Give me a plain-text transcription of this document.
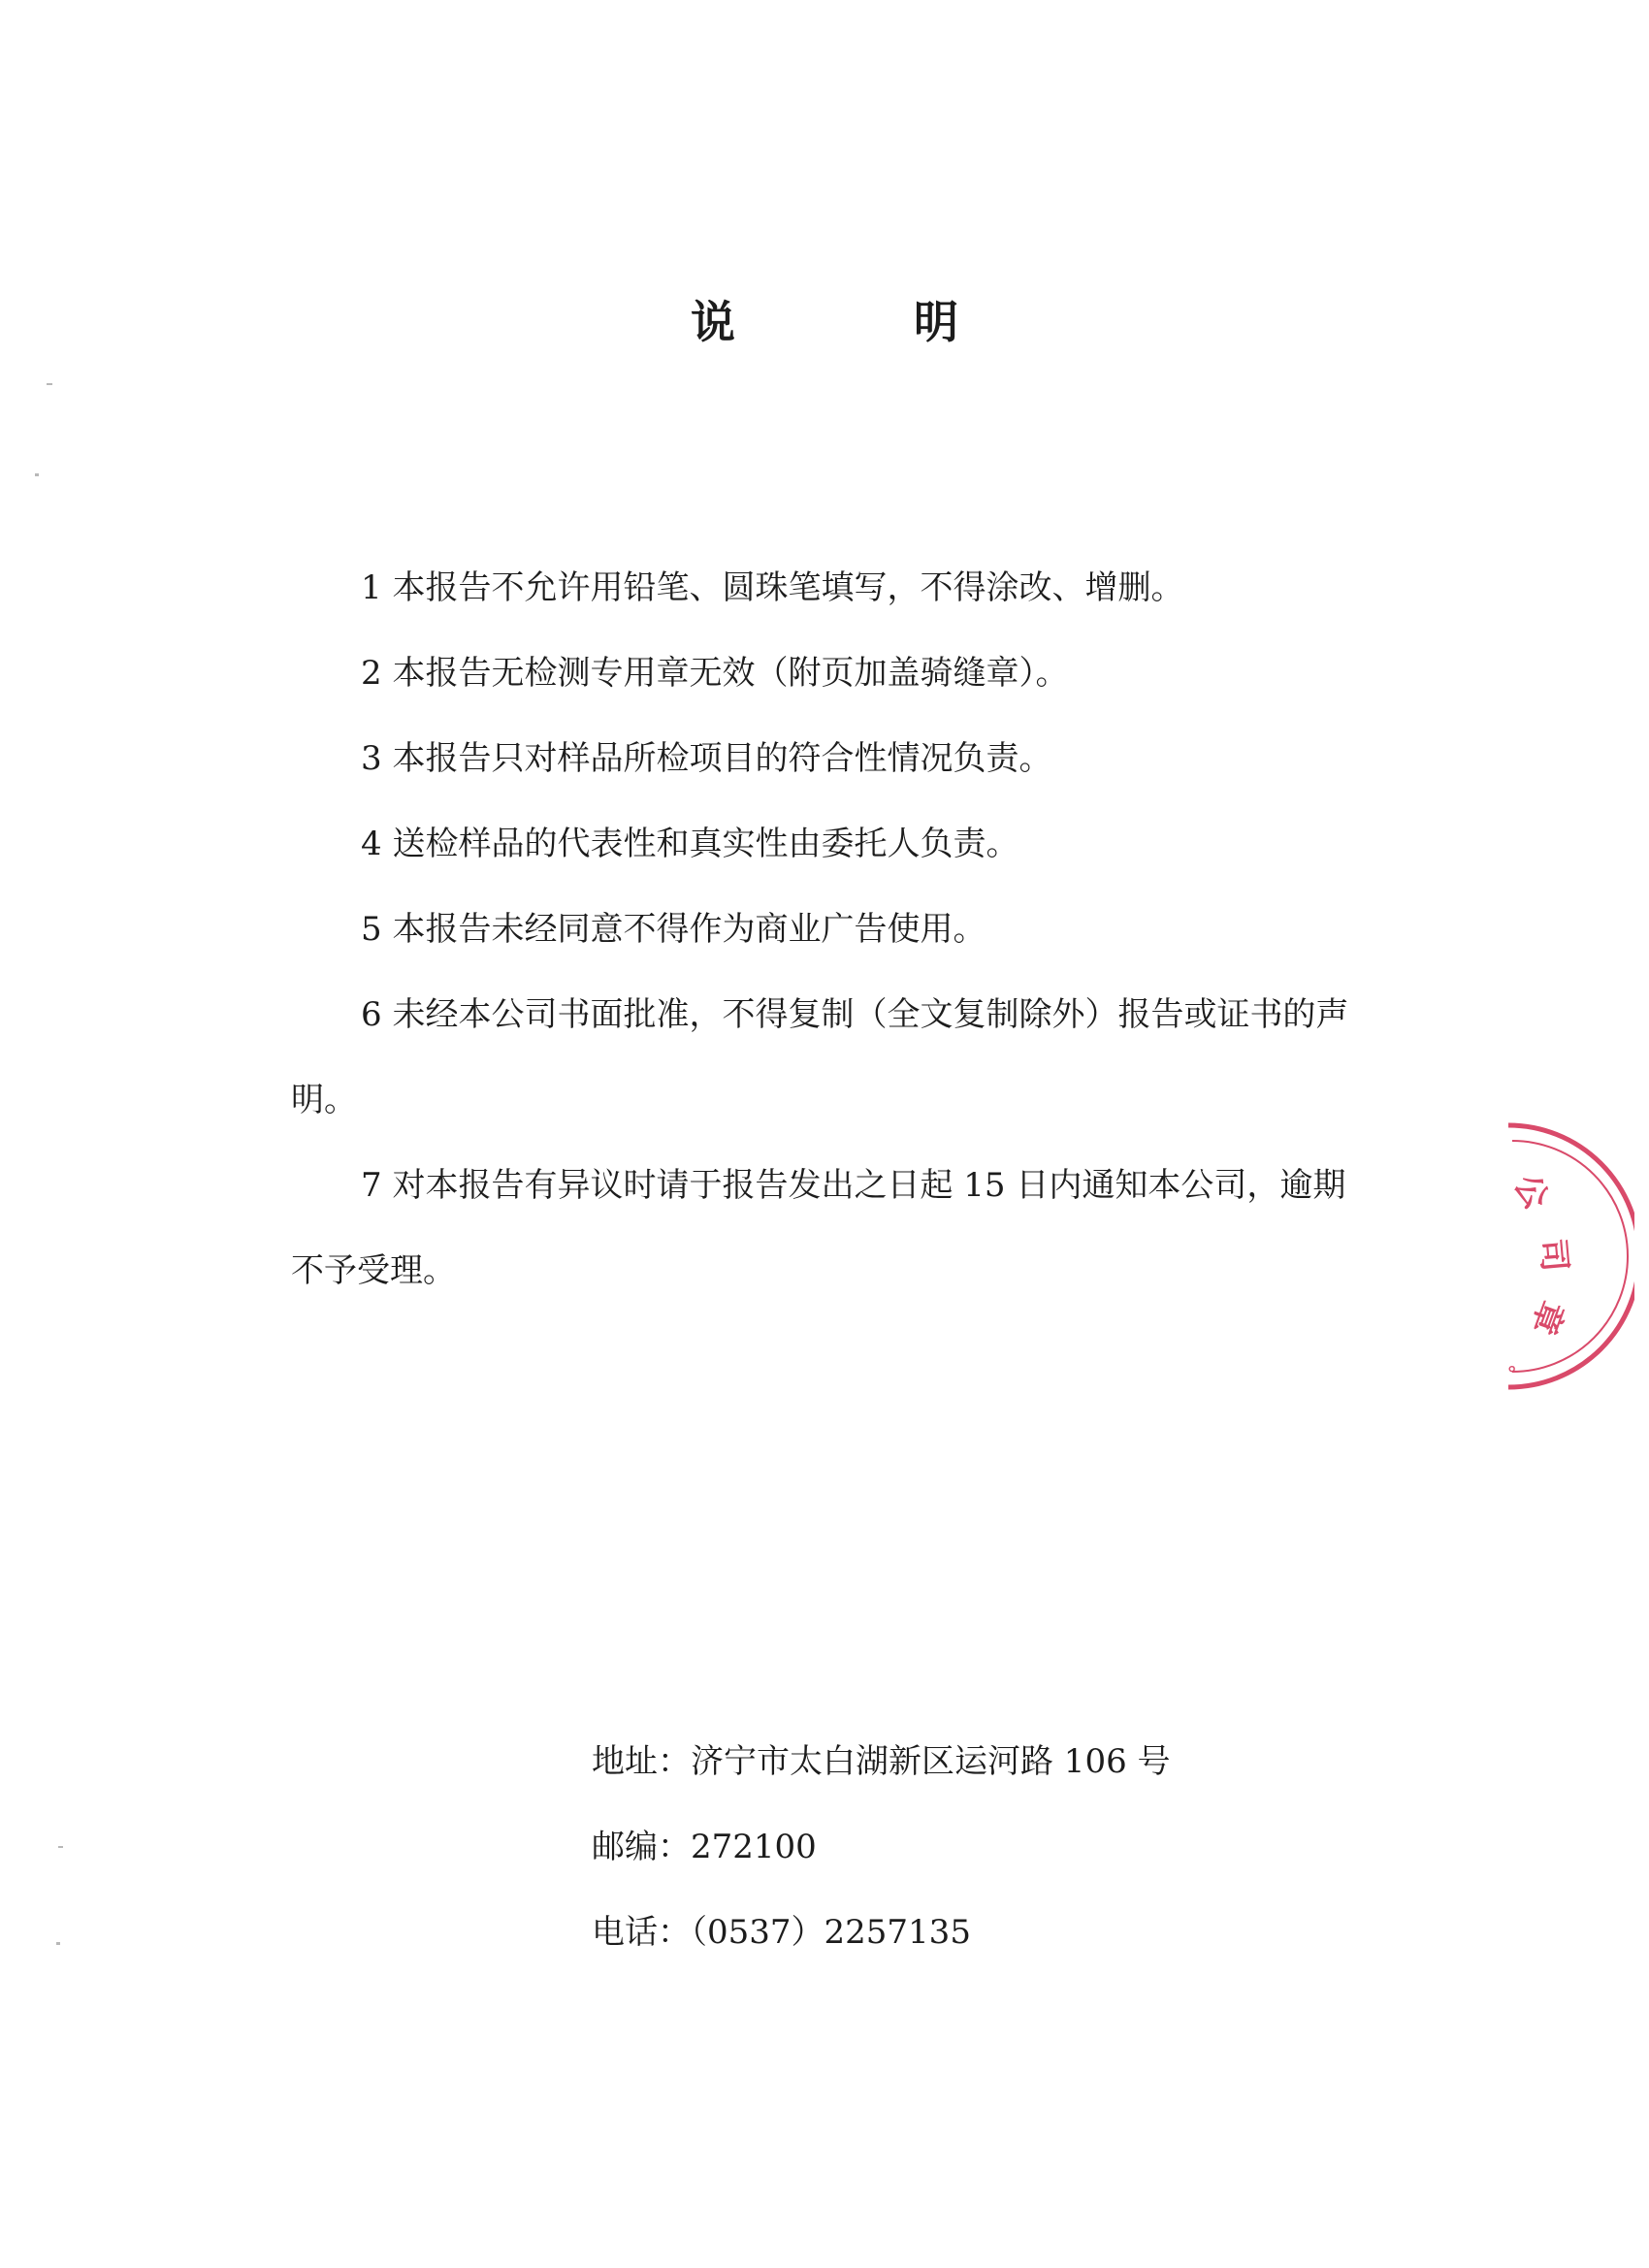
说明

1 本报告不允许用铅笔、圆珠笔填写，不得涂改、增删。

2 本报告无检测专用章无效（附页加盖骑缝章）。

3 本报告只对样品所检项目的符合性情况负责。

4 送检样品的代表性和真实性由委托人负责。

5 本报告未经同意不得作为商业广告使用。

6 未经本公司书面批准，不得复制（全文复制除外）报告或证书的声明。

7 对本报告有异议时请于报告发出之日起 15 日内通知本公司，逾期不予受理。

地址：济宁市太白湖新区运河路 106 号

邮编：272100

电话：（0537）2257135

公
司
章
。
